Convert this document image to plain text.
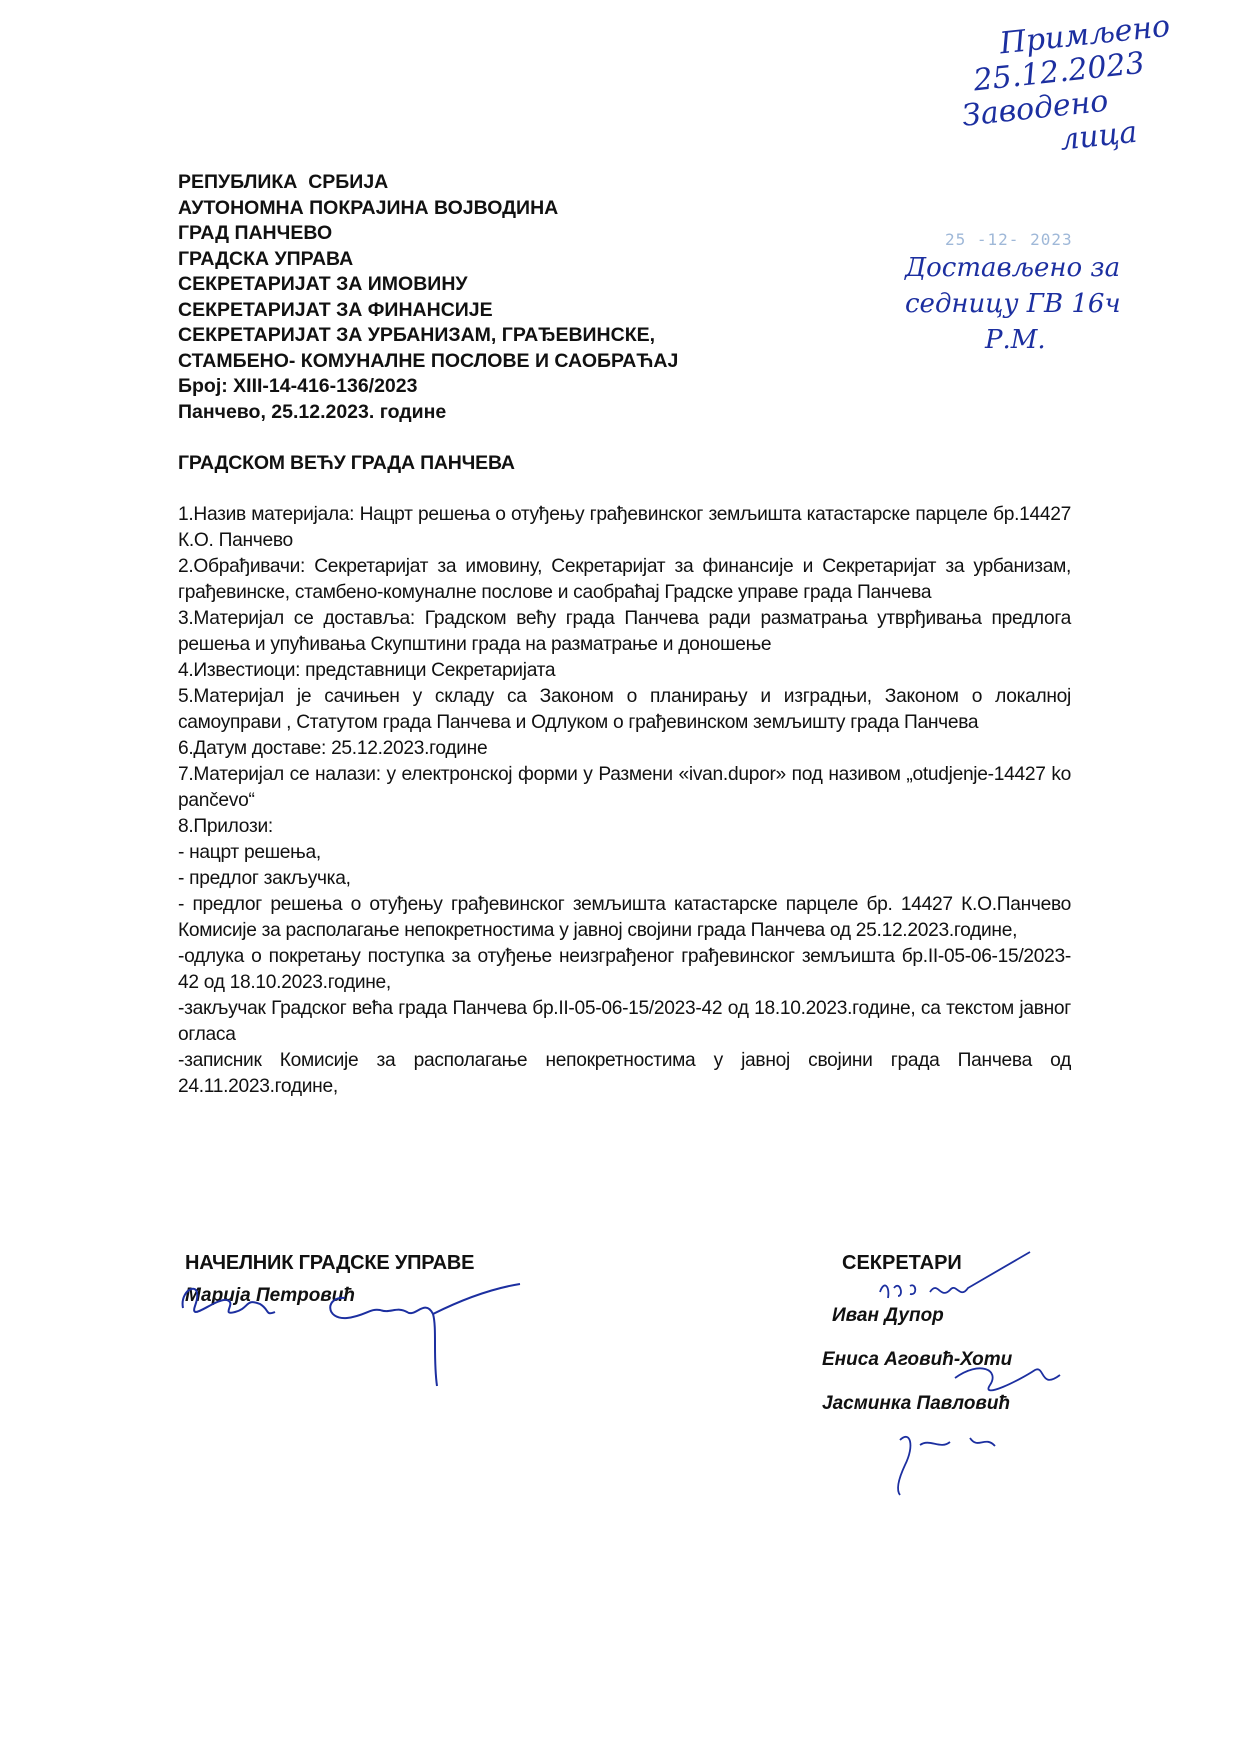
Примљено
25.12.2023
Заводено
лица
25 -12- 2023
Достављено за
седницу ГВ 16ч
Р.М.
РЕПУБЛИКА  СРБИЈА
АУТОНОМНА ПОКРАЈИНА ВОЈВОДИНА
ГРАД ПАНЧЕВО
ГРАДСКА УПРАВА
СЕКРЕТАРИЈАТ ЗА ИМОВИНУ
СЕКРЕТАРИЈАТ ЗА ФИНАНСИЈЕ
СЕКРЕТАРИЈАТ ЗА УРБАНИЗАМ, ГРАЂЕВИНСКЕ,
СТАМБЕНО- КОМУНАЛНЕ ПОСЛОВЕ И САОБРАЋАЈ
Број: XIII-14-416-136/2023
Панчево, 25.12.2023. године
ГРАДСКОМ ВЕЋУ ГРАДА ПАНЧЕВА

1.Назив материјала: Нацрт решења о отуђењу грађевинског земљишта катастарске парцеле бр.14427 К.О. Панчево

2.Обрађивачи: Секретаријат за имовину, Секретаријат за финансије и Секретаријат за урбанизам, грађевинске, стамбено-комуналне послове и саобраћај Градске управе града Панчева

3.Материјал се доставља: Градском већу града Панчева ради разматрања утврђивања предлога решења и упућивања Скупштини града на разматрање и доношење

4.Известиоци: представници Секретаријата

5.Материјал је сачињен у складу са Законом о планирању и изградњи, Законом о локалној самоуправи , Статутом града Панчева и Одлуком о грађевинском земљишту града Панчева

6.Датум доставе: 25.12.2023.године

7.Материјал се налази: у електронској форми у Размени «ivan.dupor» под називом „otudjenje-14427 ko pančevo“

8.Прилози:

- нацрт решења,

- предлог закључка,

- предлог решења о отуђењу грађевинског земљишта катастарске парцеле бр. 14427 К.О.Панчево Комисије за располагање непокретностима у јавној својини града Панчева од 25.12.2023.године,

-одлука о покретању поступка за отуђење неизграђеног грађевинског земљишта бр.II-05-06-15/2023-42 од 18.10.2023.године,

-закључак Градског већа града Панчева бр.II-05-06-15/2023-42 од 18.10.2023.године, са текстом јавног огласа

-записник Комисије за располагање непокретностима у јавној својини града Панчева од 24.11.2023.године,

НАЧЕЛНИК ГРАДСКЕ УПРАВЕ
Марија Петровић
СЕКРЕТАРИ
Иван Дупор
Ениса Аговић-Хоти
Јасминка Павловић
